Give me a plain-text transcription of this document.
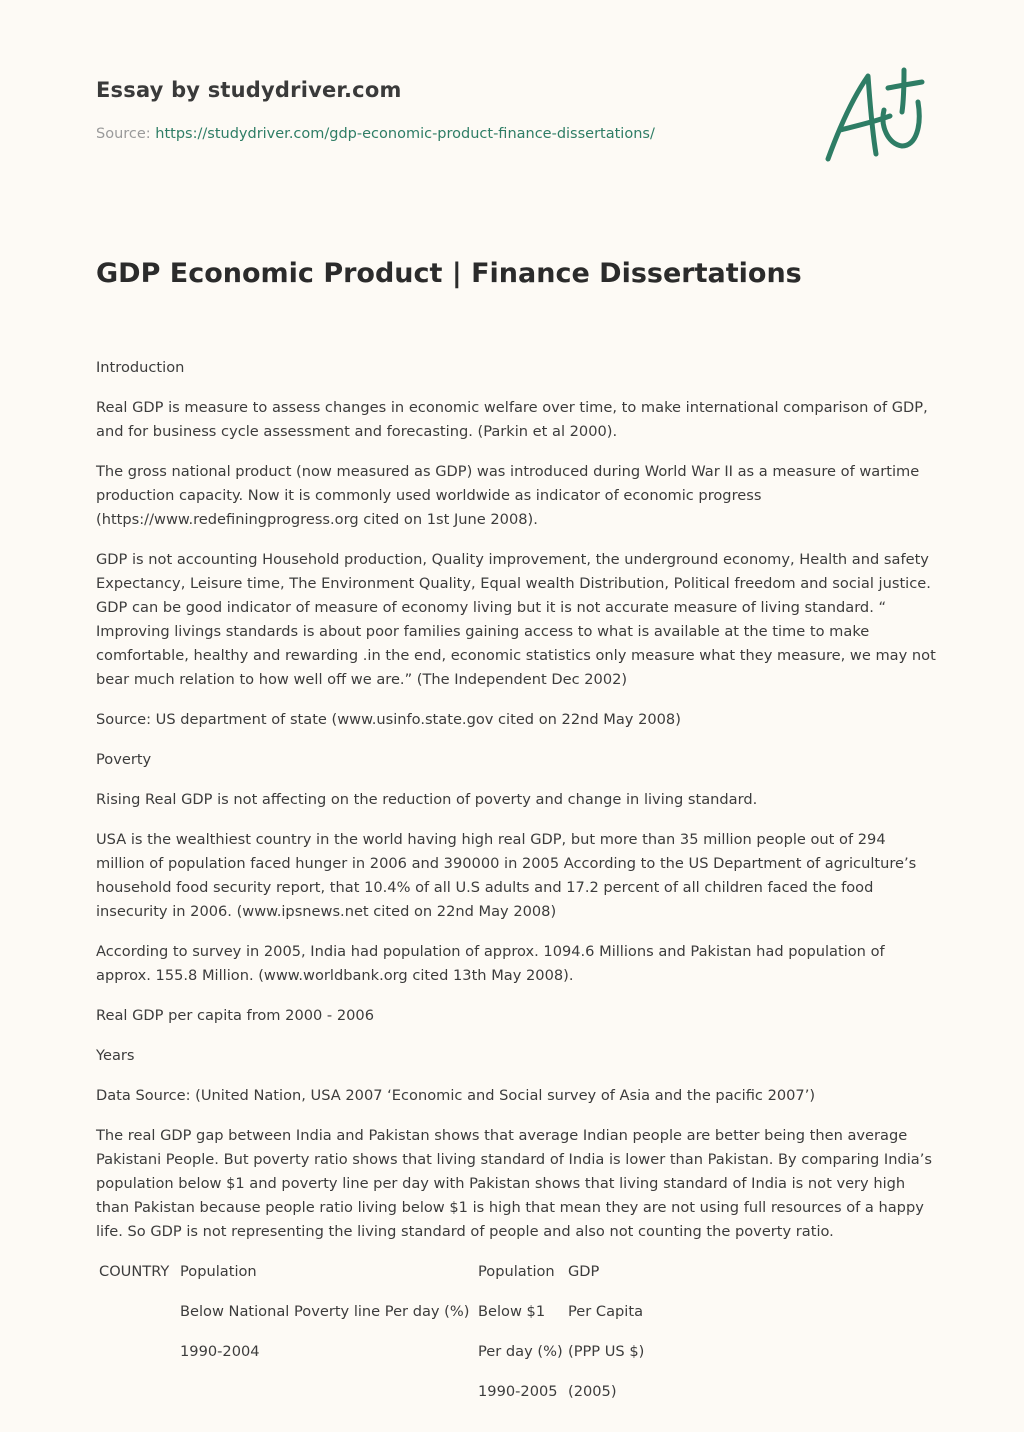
Essay by studydriver.com
Source: https://studydriver.com/gdp-economic-product-finance-dissertations/
GDP Economic Product | Finance Dissertations

Introduction

Real GDP is measure to assess changes in economic welfare over time, to make international comparison of GDP, and for business cycle assessment and forecasting. (Parkin et al 2000).

The gross national product (now measured as GDP) was introduced during World War II as a measure of wartime production capacity. Now it is commonly used worldwide as indicator of economic progress (https://www.redefiningprogress.org cited on 1st June 2008).

GDP is not accounting Household production, Quality improvement, the underground economy, Health and safety Expectancy, Leisure time, The Environment Quality, Equal wealth Distribution, Political freedom and social justice. GDP can be good indicator of measure of economy living but it is not accurate measure of living standard. “ Improving livings standards is about poor families gaining access to what is available at the time to make comfortable, healthy and rewarding .in the end, economic statistics only measure what they measure, we may not bear much relation to how well off we are.” (The Independent Dec 2002)

Source: US department of state (www.usinfo.state.gov cited on 22nd May 2008)

Poverty

Rising Real GDP is not affecting on the reduction of poverty and change in living standard.

USA is the wealthiest country in the world having high real GDP, but more than 35 million people out of 294 million of population faced hunger in 2006 and 390000 in 2005 According to the US Department of agriculture’s household food security report, that 10.4% of all U.S adults and 17.2 percent of all children faced the food insecurity in 2006. (www.ipsnews.net cited on 22nd May 2008)

According to survey in 2005, India had population of approx. 1094.6 Millions and Pakistan had population of approx. 155.8 Million. (www.worldbank.org cited 13th May 2008).

Real GDP per capita from 2000 - 2006

Years

Data Source: (United Nation, USA 2007 ‘Economic and Social survey of Asia and the pacific 2007’)

The real GDP gap between India and Pakistan shows that average Indian people are better being then average Pakistani People. But poverty ratio shows that living standard of India is lower than Pakistan. By comparing India’s population below $1 and poverty line per day with Pakistan shows that living standard of India is not very high than Pakistan because people ratio living below $1 is high that mean they are not using full resources of a happy life. So GDP is not representing the living standard of people and also not counting the poverty ratio.

COUNTRY Population
Below National Poverty line Per day (%)
1990-2004
Population
Below $1
Per day (%)
1990-2005
GDP
Per Capita
(PPP US $)
(2005)
